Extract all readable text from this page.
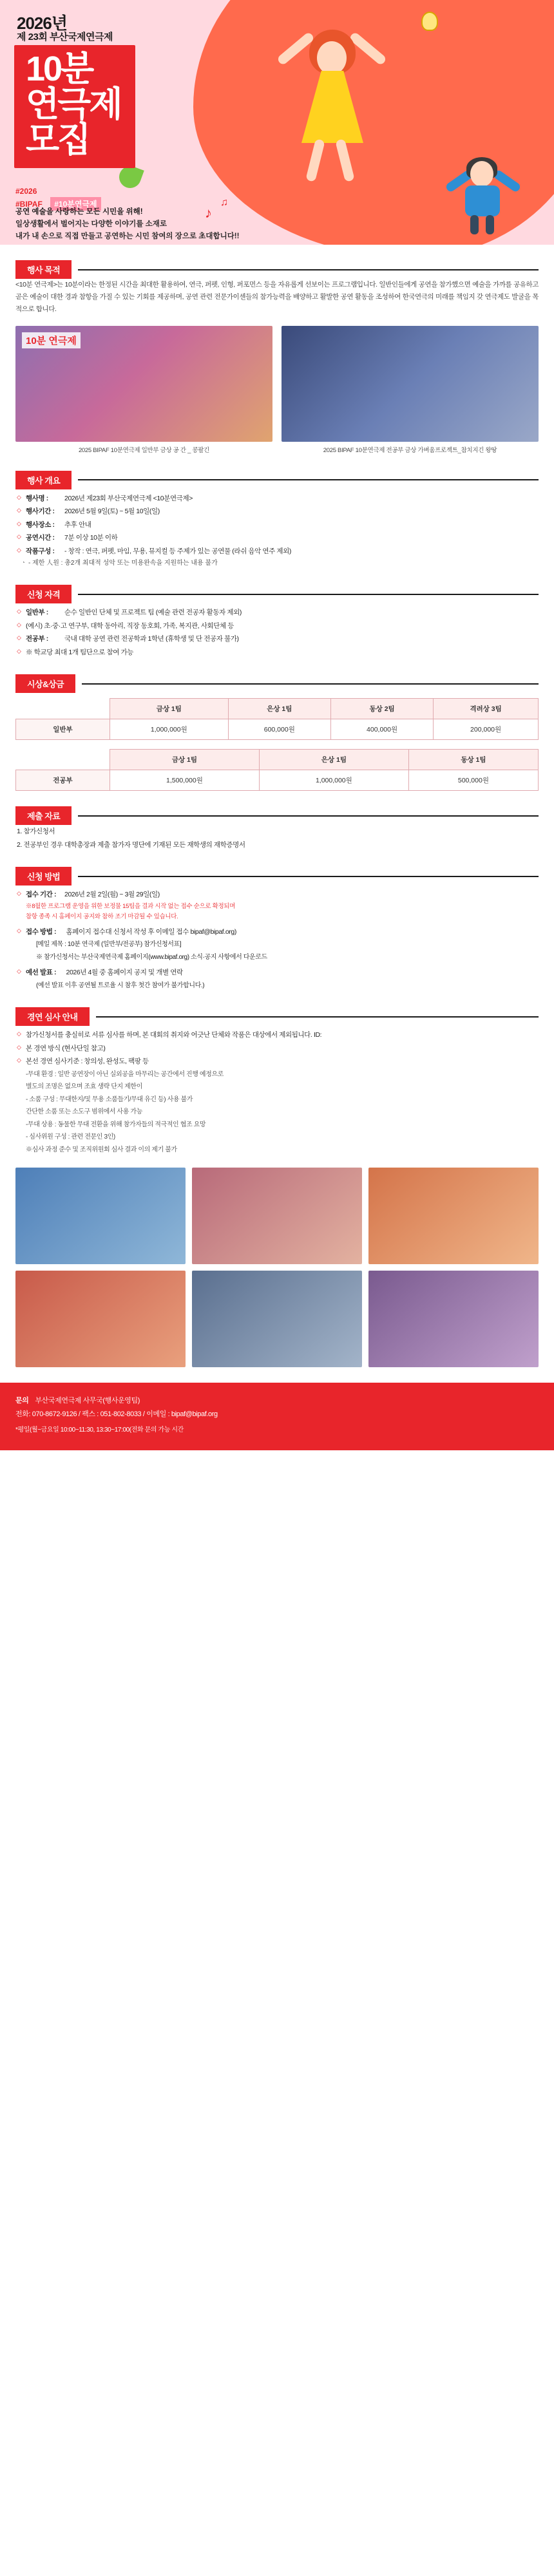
♪
♫
2026년
제 23회 부산국제연극제
10분
연극제
모집
#2026
#BIPAF #10분연극제
공연 예술을 사랑하는 모든 시민을 위해!
일상생활에서 벌어지는 다양한 이야기를 소재로
내가 내 손으로 직접 만들고 공연하는 시민 참여의 장으로 초대합니다!!
행사 목적

<10분 연극제>는 10분이라는 한정된 시간을 최대한 활용하여, 연극, 퍼펫, 인형, 퍼포먼스 등을 자유롭게 선보이는 프로그램입니다. 일반인들에게 공연을 참가했으면 예술을 가까를 공유하고 곧은 예술이 대한 경과 참항을 가질 수 있는 기회를 제공하며, 공연 관련 전문가이센들의 참가능력을 배양하고 활발한 공연 활동을 조성하여 한국연극의 미래를 책임지 갖 연극제도 발굴을 목적으로 합니다.

10분 연극제
2025 BIPAF 10분연극제 일반부 금상 공 간 _ 콩팔긴	2025 BIPAF 10분연극제 전공부 금상 가벼움프로젝트_참치지긴 왕땅
행사 개요
◇ 행사명 : 2026년 제23회 부산국제연극제 <10분연극제>
◇ 행사기간 : 2026년 5월 9일(토) ~ 5월 10일(일)
◇ 행사장소 : 추후 안내
◇ 공연시간 : 7분 이상 10분 이하
◇ 작품구성 : - 창작 : 연극, 퍼펫, 마임, 무용, 뮤지컬 등 주제가 있는 공연물 (라쉬 음악 연주 제외)
ㆍ - 제한 人원 : 총2개 최대적 성악 또는 미용완속을 지원하는 내용 불가
신청 자격
◇ 일반부 : 순수 일반인 단체 및 프로젝트 팀 (예술 관련 전공자 활동자 제외)
◇ (예시) 초·중·고 연구부, 대학 동아리, 직장 동호회, 가족, 복지관, 사회단체 등
◇ 전공부 : 국내 대학 공연 관련 전공학과 1학년 (휴학생 및 단 전공자 불가)
◇ ※ 학교당 최대 1개 팀단으로 참여 가능
시상&상금
	금상 1팀	은상 1팀	동상 2팀	격려상 3팀
일반부	1,000,000원	600,000원	400,000원	200,000원
	금상 1팀	은상 1팀	동상 1팀
전공부	1,500,000원	1,000,000원	500,000원
제출 자료
1. 참가신청서
2. 전공부인 경우 대학총장과 제출 참가자 명단에 기재된 모든 재학생의 재학증명서
신청 방법
◇ 접수 기간 : 2026년 2월 2일(월) ~ 3월 29일(일)
※8월한 프로그램 운영을 위한 보정물 15팀을 결과 시작 없는 접수 순으로 확정되며
참항 종족 시 홈페이지 공지와 참하 조기 마감될 수 있습니다.
◇ 접수 방법 : 홈페이지 접수대 신청서 작성 후 이메일 접수 bipaf@bipaf.org)
[메일 제목 : 10분 연극제 (일반부/전공부) 참가신청서표]
※ 참가신청서는 부산국제연극제 홈페이지(www.bipaf.org) 소식·공지 사항에서 다운로드
◇ 예선 발표 : 2026년 4월 중 홈페이지 공지 및 개별 연락
(예선 발표 이후 공연될 트로율 시 참후 첫간 참여가 불가합니다.)
경연 심사 안내
◇ 참가신청서를 충실히로 서류 심사를 하며, 본 대회의 취지와 어긋난 단체와 작품은 대상에서 제외됩니다. ID:
◇ 본 경연 방식 (현사단일 참고)
◇ 본선 경연 심사기준 : 창의성, 완성도, 팩팡 등
-무대 환경 : 일반 공연장이 아닌 실외공을 마무리는 공간에서 진행 예정으로
별도의 조명은 없으며 조효 생략 단지 제한이
- 소품 구성 : 무대한지/및 무용 소품들기/무대 유긴 등) 사용 불가
간단한 소품 또는 소도구 범위에서 사용 가능
-무대 상용 : 동물한 무대 전환을 위해 참가자들의 적극적인 협조 요망
- 심사위원 구성 : 관련 전문인 3인)
※심사 과정 준수 및 조직위원회 심사 결과 이의 제기 불가
문의 부산국제연극제 사무국(행사운영팀)
전화: 070-8672-9126 / 팩스 : 051-802-8033 / 이메일 : bipaf@bipaf.org
*평일(월~금요일 10:00~11:30, 13:30~17:00(전화 문의 가능 시간
